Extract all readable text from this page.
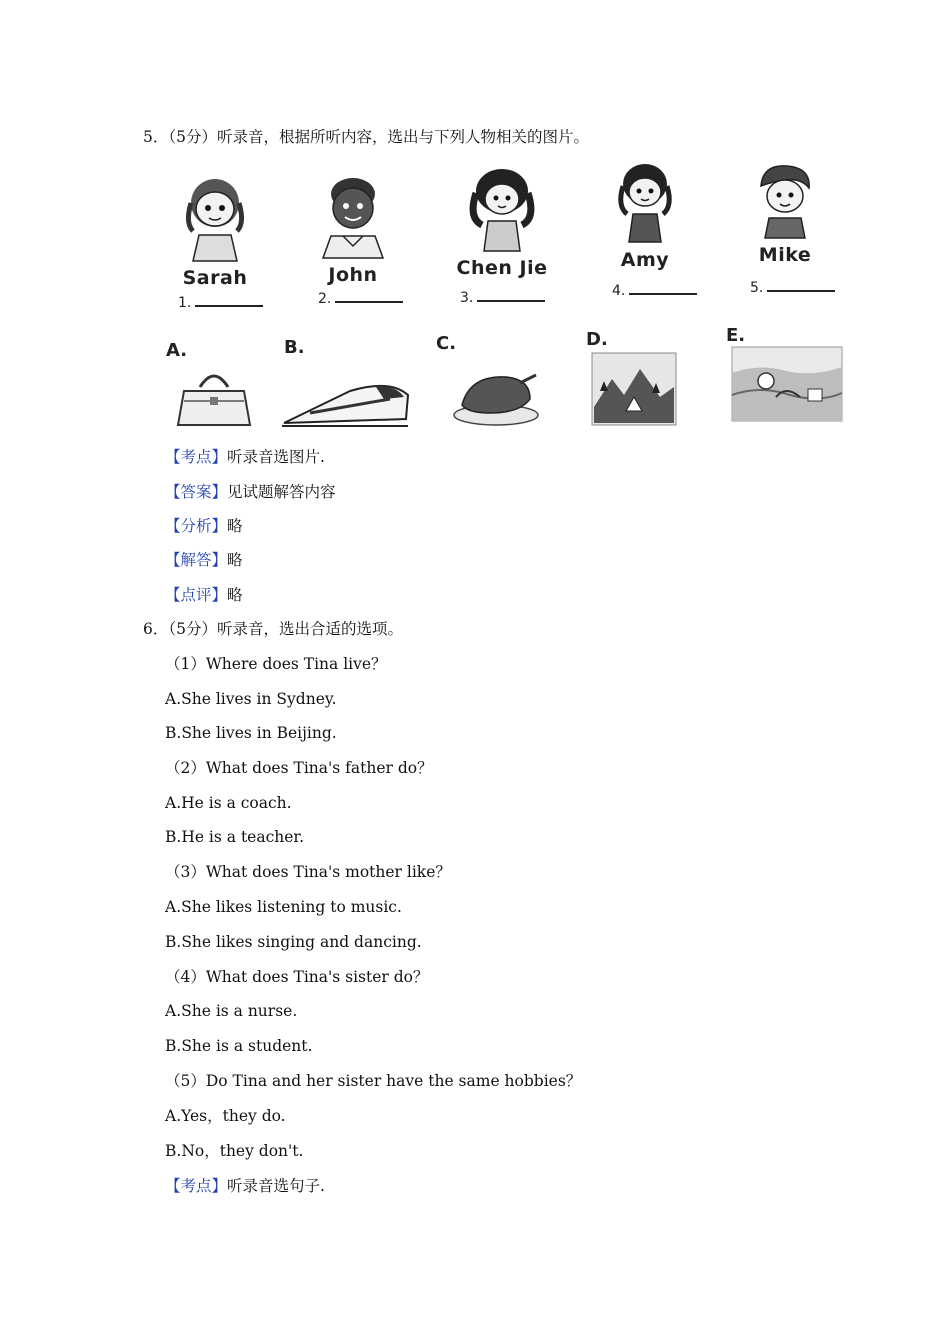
5．（5分）听录音，根据所听内容，选出与下列人物相关的图片。
Sarah
1.
John
2.
Chen Jie
3.
Amy
4.
Mike
5.
A.	B.	C.	D.	E.
【考点】听录音选图片.
【答案】见试题解答内容
【分析】略
【解答】略
【点评】略
6．（5分）听录音，选出合适的选项。
（1）Where does Tina live？
A.She lives in Sydney.
B.She lives in Beijing.
（2）What does Tina's father do？
A.He is a coach.
B.He is a teacher.
（3）What does Tina's mother like？
A.She likes listening to music.
B.She likes singing and dancing.
（4）What does Tina's sister do？
A.She is a nurse.
B.She is a student.
（5）Do Tina and her sister have the same hobbies？
A.Yes，they do.
B.No，they don't.
【考点】听录音选句子.
